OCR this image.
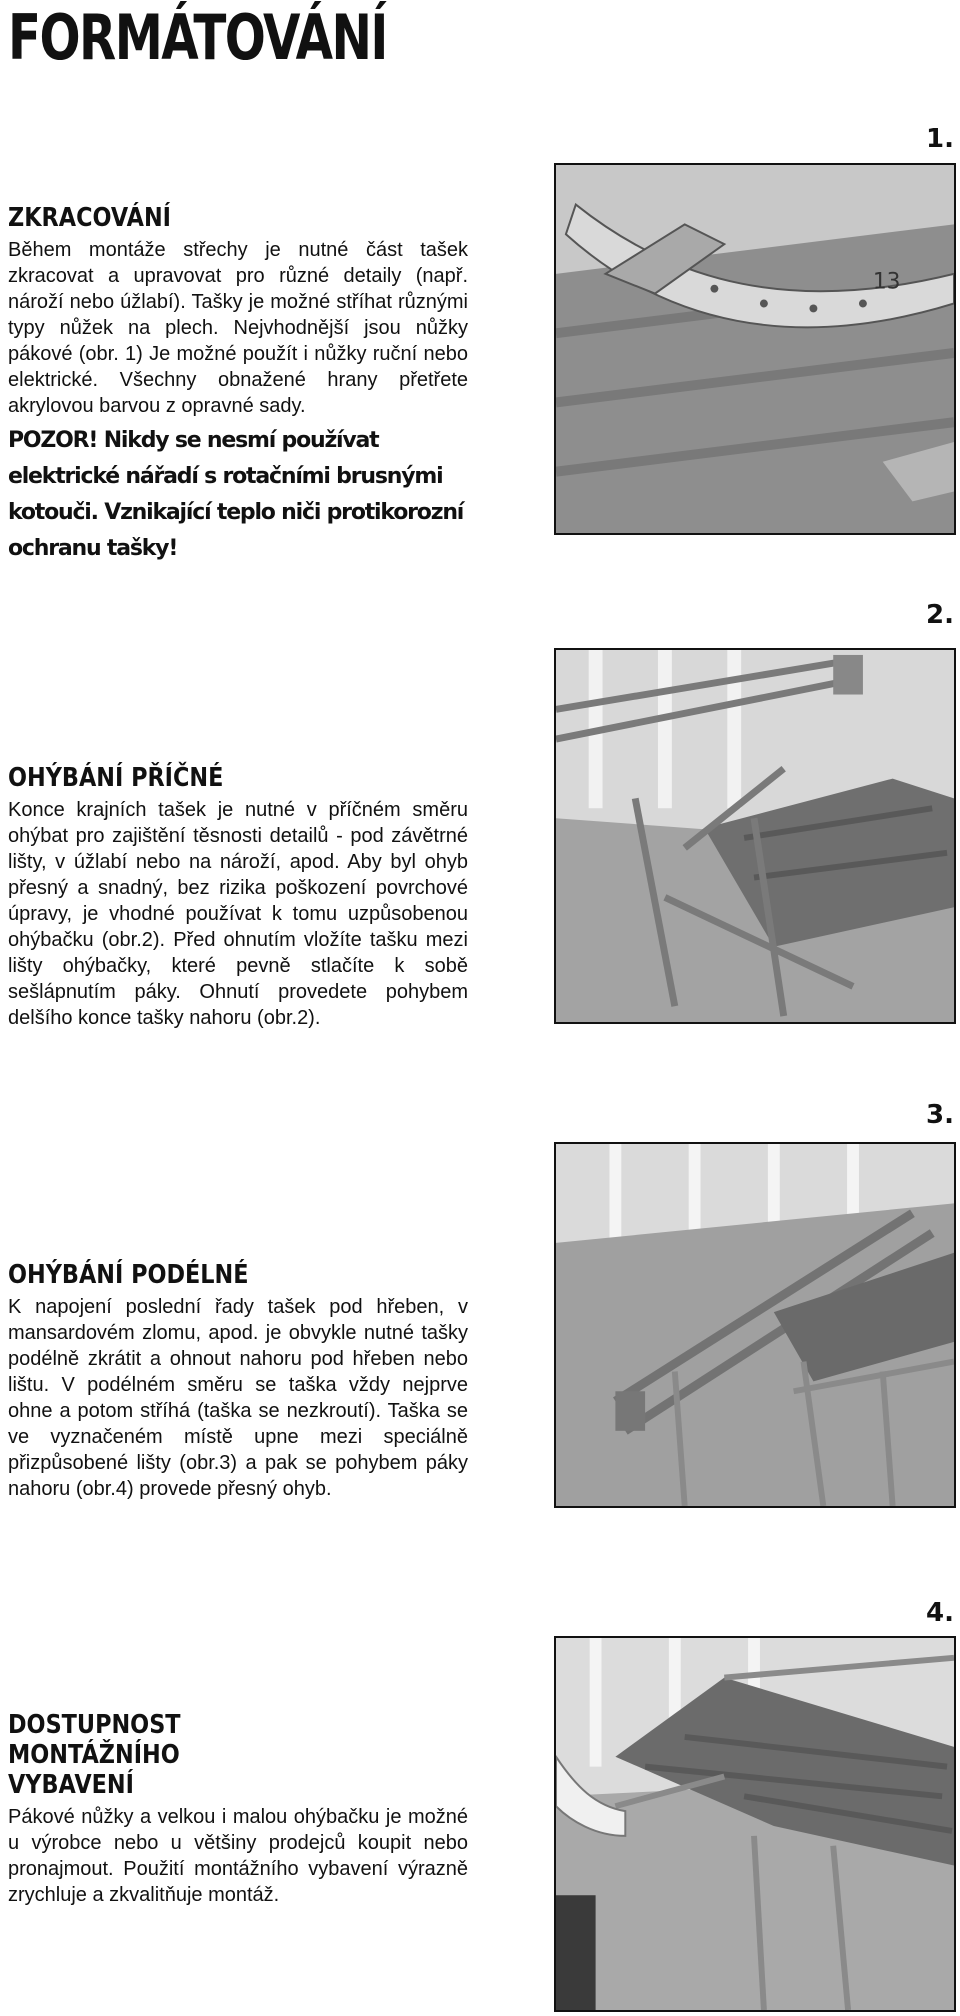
FORMÁTOVÁNÍ
ZKRACOVÁNÍ

Během montáže střechy je nutné část tašek zkracovat a upravovat pro různé detaily (např. nároží nebo úžlabí). Tašky je možné stříhat různými typy nůžek na plech. Nejvhodnější jsou nůžky pákové (obr. 1) Je možné použít i nůžky ruční nebo elektrické. Všechny obnažené hrany přetřete akrylovou barvou z opravné sady.

POZOR! Nikdy se nesmí používat elektrické nářadí s rotačními brusnými kotouči. Vznikající teplo niči protikorozní ochranu tašky!

OHÝBÁNÍ PŘÍČNÉ

Konce krajních tašek je nutné v příčném směru ohýbat pro zajištění těsnosti detailů - pod závětrné lišty, v úžlabí nebo na nároží, apod. Aby byl ohyb přesný a snadný, bez rizika poškození povrchové úpravy, je vhodné používat k tomu uzpůsobenou ohýbačku (obr.2). Před ohnutím vložíte tašku mezi lišty ohýbačky, které pevně stlačíte k sobě sešlápnutím páky. Ohnutí provedete pohybem delšího konce tašky nahoru (obr.2).

OHÝBÁNÍ PODÉLNÉ

K napojení poslední řady tašek pod hřeben, v mansardovém zlomu, apod. je obvykle nutné tašky podélně zkrátit a ohnout nahoru pod hřeben nebo lištu. V podélném směru se taška vždy nejprve ohne a potom stříhá (taška se nezkroutí). Taška se ve vyznačeném místě upne mezi speciálně přizpůsobené lišty (obr.3) a pak se pohybem páky nahoru (obr.4) provede přesný ohyb.

DOSTUPNOST MONTÁŽNÍHO VYBAVENÍ

Pákové nůžky a velkou i malou ohýbačku je možné u výrobce nebo u většiny prodejců koupit nebo pronajmout. Použití montážního vybavení výrazně zrychluje a zkvalitňuje montáž.

1.
2.
3.
4.
13
